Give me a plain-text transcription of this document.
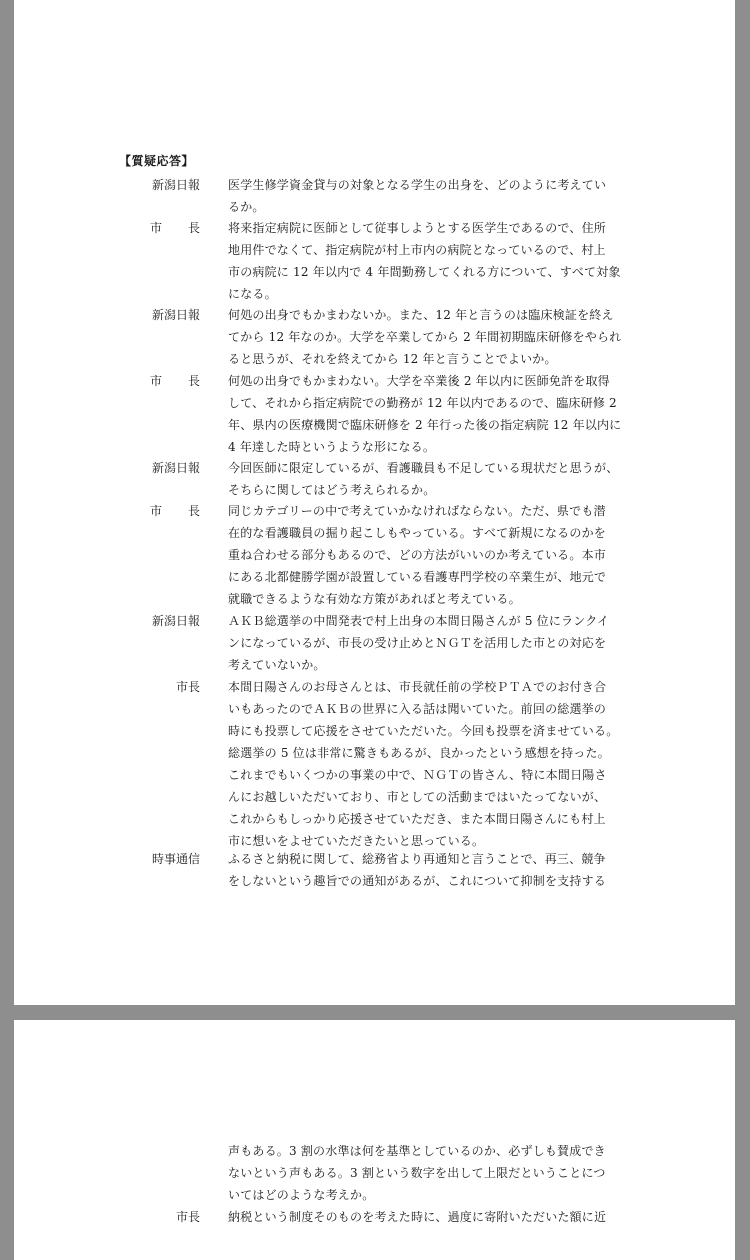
【質疑応答】
新潟日報 医学生修学資金貸与の対象となる学生の出身を、どのように考えてい
るか。
市 長 将来指定病院に医師として従事しようとする医学生であるので、住所
地用件でなくて、指定病院が村上市内の病院となっているので、村上
市の病院に 12 年以内で 4 年間勤務してくれる方について、すべて対象
になる。
新潟日報 何処の出身でもかまわないか。また、12 年と言うのは臨床検証を終え
てから 12 年なのか。大学を卒業してから 2 年間初期臨床研修をやられ
ると思うが、それを終えてから 12 年と言うことでよいか。
市 長 何処の出身でもかまわない。大学を卒業後 2 年以内に医師免許を取得
して、それから指定病院での勤務が 12 年以内であるので、臨床研修 2
年、県内の医療機関で臨床研修を 2 年行った後の指定病院 12 年以内に
4 年達した時というような形になる。
新潟日報 今回医師に限定しているが、看護職員も不足している現状だと思うが、
そちらに関してはどう考えられるか。
市 長 同じカテゴリーの中で考えていかなければならない。ただ、県でも潜
在的な看護職員の掘り起こしもやっている。すべて新規になるのかを
重ね合わせる部分もあるので、どの方法がいいのか考えている。本市
にある北都健勝学園が設置している看護専門学校の卒業生が、地元で
就職できるような有効な方策があればと考えている。
新潟日報 ＡＫＢ総選挙の中間発表で村上出身の本間日陽さんが 5 位にランクイ
ンになっているが、市長の受け止めとＮＧＴを活用した市との対応を
考えていないか。
市長 本間日陽さんのお母さんとは、市長就任前の学校ＰＴＡでのお付き合
いもあったのでＡＫＢの世界に入る話は聞いていた。前回の総選挙の
時にも投票して応援をさせていただいた。今回も投票を済ませている。
総選挙の 5 位は非常に驚きもあるが、良かったという感想を持った。
これまでもいくつかの事業の中で、ＮＧＴの皆さん、特に本間日陽さ
んにお越しいただいており、市としての活動まではいたってないが、
これからもしっかり応援させていただき、また本間日陽さんにも村上
市に想いをよせていただきたいと思っている。
時事通信 ふるさと納税に関して、総務省より再通知と言うことで、再三、競争
をしないという趣旨での通知があるが、これについて抑制を支持する
声もある。3 割の水準は何を基準としているのか、必ずしも賛成でき
ないという声もある。3 割という数字を出して上限だということにつ
いてはどのような考えか。
市長 納税という制度そのものを考えた時に、過度に寄附いただいた額に近
